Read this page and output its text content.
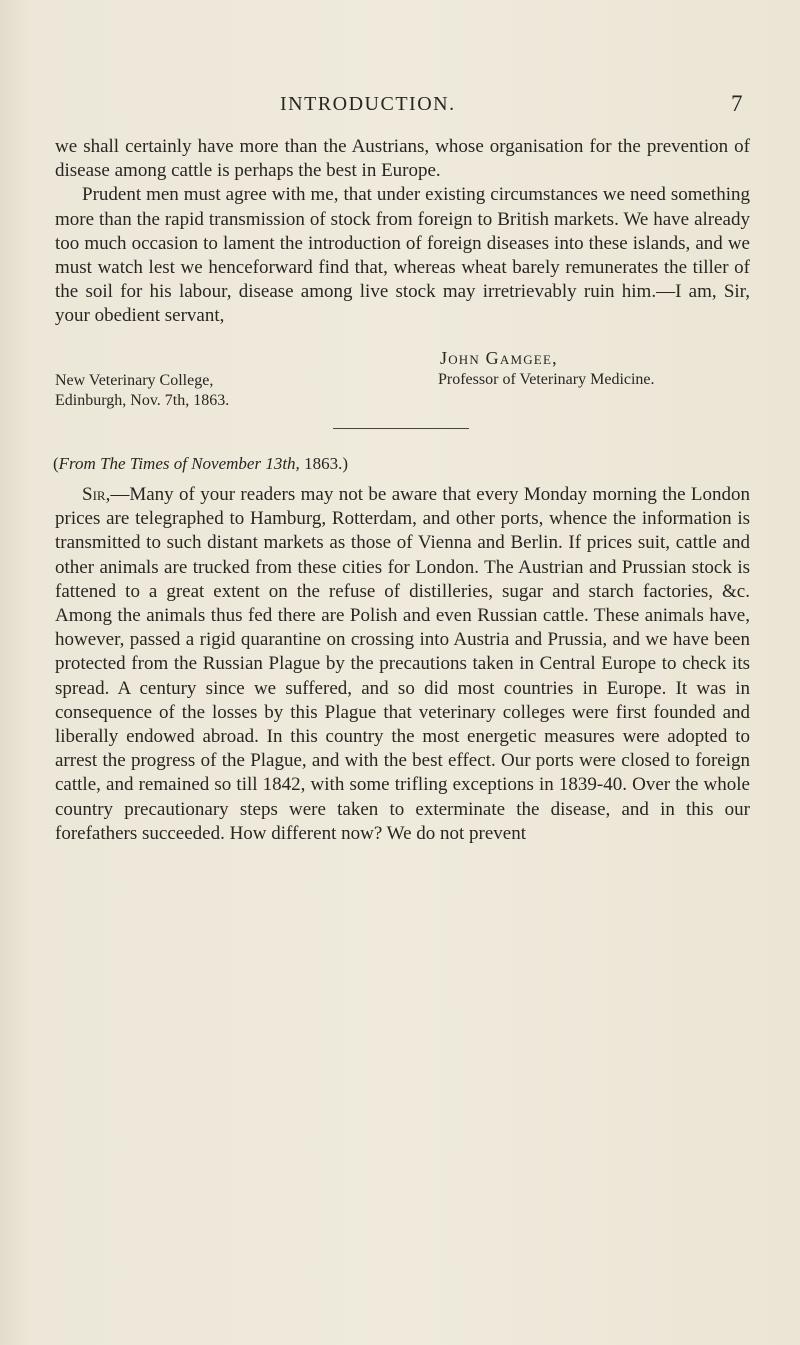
INTRODUCTION.	7

we shall certainly have more than the Austrians, whose organisation for the prevention of disease among cattle is perhaps the best in Europe.

Prudent men must agree with me, that under existing circumstances we need something more than the rapid transmission of stock from foreign to British markets. We have already too much occasion to lament the introduction of foreign diseases into these islands, and we must watch lest we henceforward find that, whereas wheat barely remunerates the tiller of the soil for his labour, disease among live stock may irretrievably ruin him.—I am, Sir, your obedient servant,

John Gamgee,
New Veterinary College,
Edinburgh, Nov. 7th, 1863.
Professor of Veterinary Medicine.
(From The Times of November 13th, 1863.)

Sir,—Many of your readers may not be aware that every Monday morning the London prices are telegraphed to Hamburg, Rotterdam, and other ports, whence the information is transmitted to such distant markets as those of Vienna and Berlin. If prices suit, cattle and other animals are trucked from these cities for London. The Austrian and Prussian stock is fattened to a great extent on the refuse of distilleries, sugar and starch factories, &c. Among the animals thus fed there are Polish and even Russian cattle. These animals have, however, passed a rigid quarantine on crossing into Austria and Prussia, and we have been protected from the Russian Plague by the precautions taken in Central Europe to check its spread. A century since we suffered, and so did most countries in Europe. It was in consequence of the losses by this Plague that veterinary colleges were first founded and liberally endowed abroad. In this country the most energetic measures were adopted to arrest the progress of the Plague, and with the best effect. Our ports were closed to foreign cattle, and remained so till 1842, with some trifling exceptions in 1839-40. Over the whole country precautionary steps were taken to exterminate the disease, and in this our forefathers succeeded. How different now? We do not prevent
